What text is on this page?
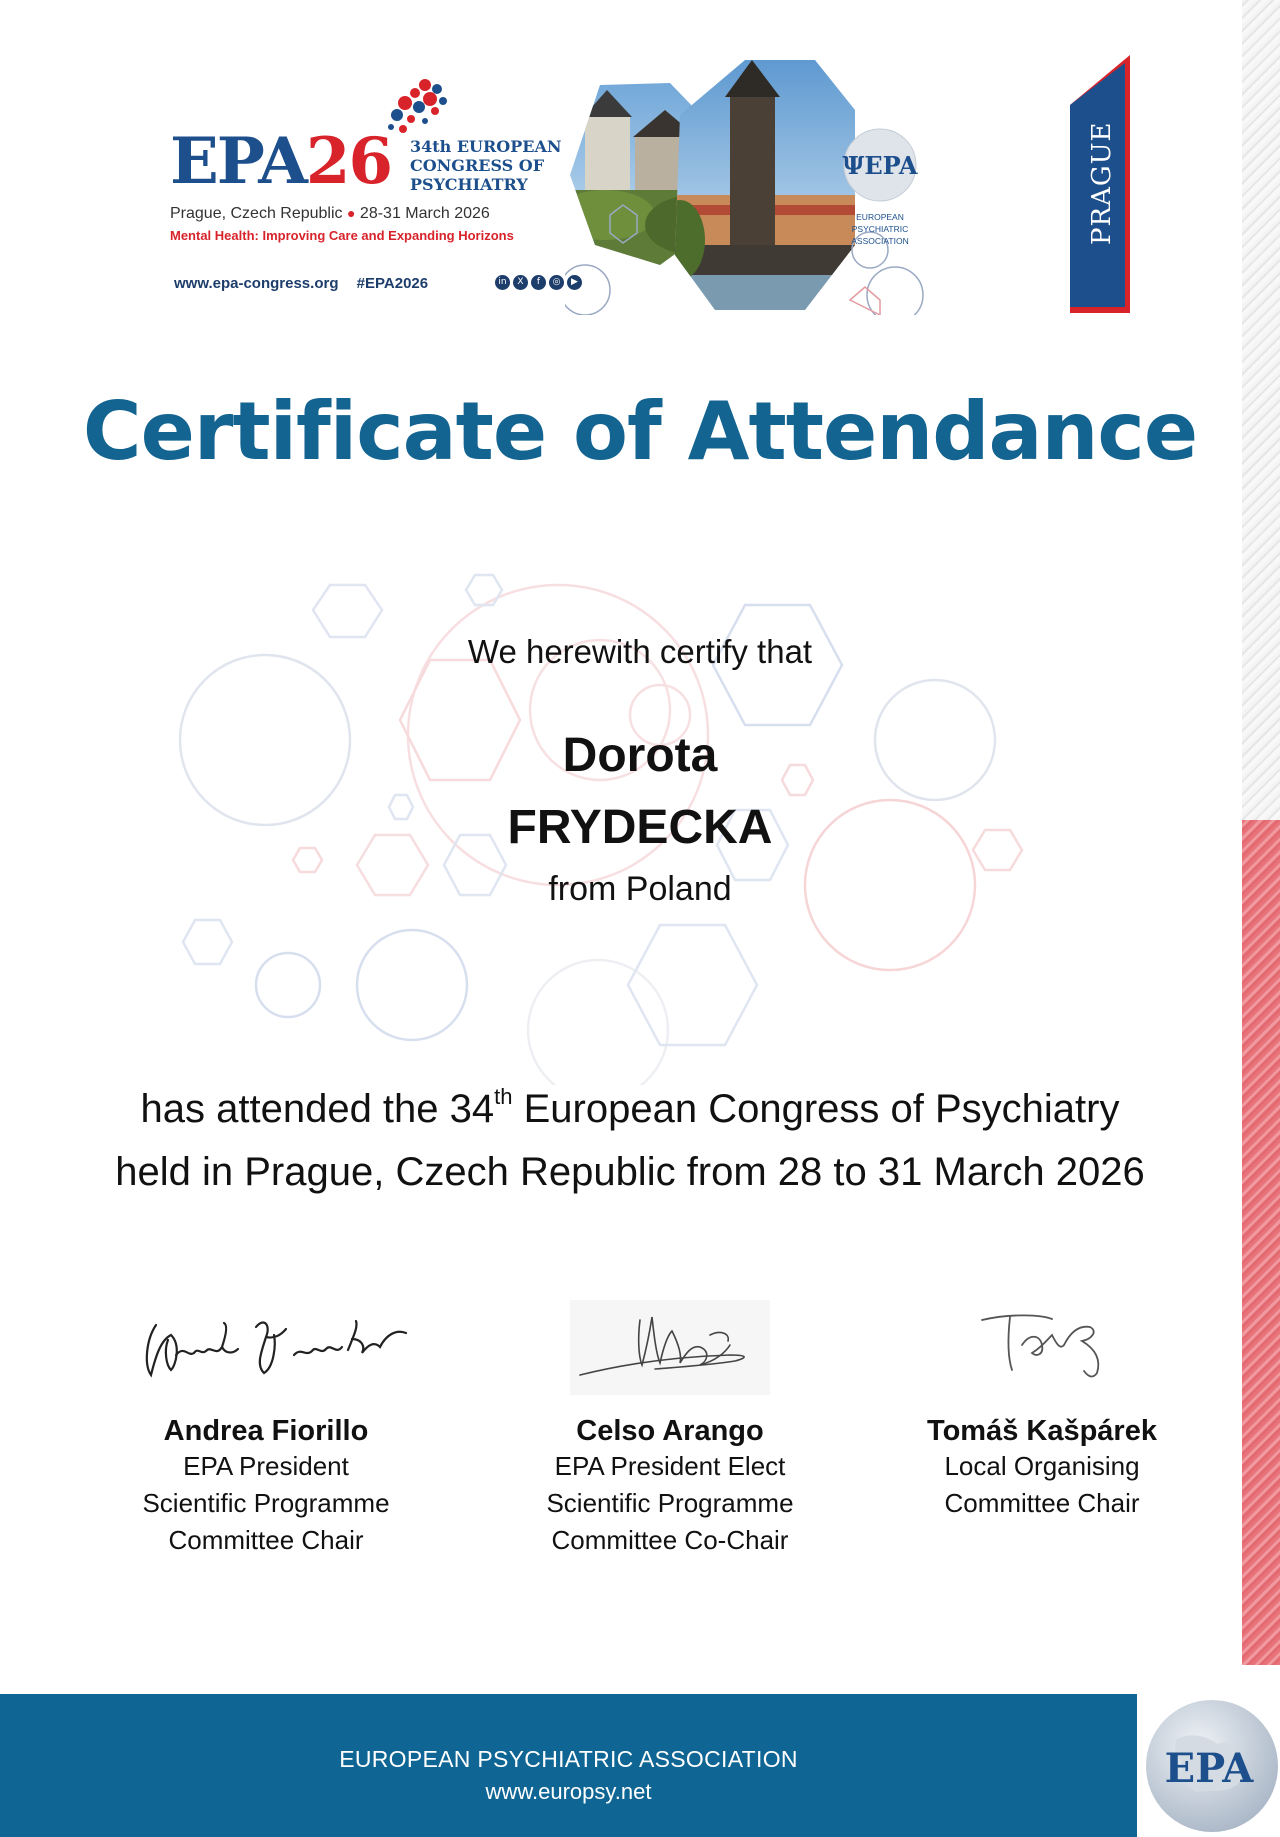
EPA26 34th EUROPEAN
CONGRESS OF
PSYCHIATRY
Prague, Czech Republic ● 28-31 March 2026
Mental Health: Improving Care and Expanding Horizons
www.epa-congress.org #EPA2026	in	X	f	◎	▶
ΨEPA
EUROPEAN
PSYCHIATRIC
ASSOCIATION	PRAGUE
Certificate of Attendance
We herewith certify that
Dorota
FRYDECKA
from Poland
has attended the 34th European Congress of Psychiatry
held in Prague, Czech Republic from 28 to 31 March 2026
Andrea Fiorillo
EPA President
Scientific Programme
Committee Chair
Celso Arango
EPA President Elect
Scientific Programme
Committee Co-Chair
Tomáš Kašpárek
Local Organising
Committee Chair
EUROPEAN PSYCHIATRIC ASSOCIATION
www.europsy.net	EPA
